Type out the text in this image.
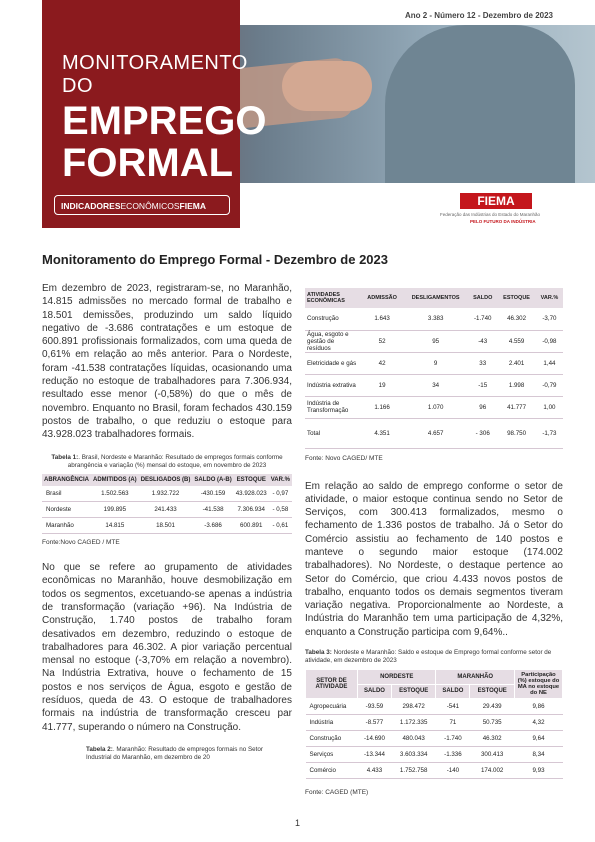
Ano 2 - Número 12 - Dezembro de 2023
MONITORAMENTO DO
EMPREGO
FORMAL
INDICADORESECONÔMICOSFIEMA	FIEMA
Federação das Indústrias do Estado do Maranhão
PELO FUTURO DA INDÚSTRIA
Monitoramento do Emprego Formal - Dezembro de 2023

Em dezembro de 2023, registraram-se, no Maranhão, 14.815 admissões no mercado formal de trabalho e 18.501 demissões, produzindo um saldo líquido negativo de -3.686 contratações e um estoque de 600.891 profissionais formalizados, com uma queda de 0,61% em relação ao mês anterior. Para o Nordeste, foram -41.538 contratações líquidas, ocasionando uma redução no estoque de trabalhadores para 7.306.934, resultado esse menor (-0,58%) do que o mês de novembro. Enquanto no Brasil, foram fechados 430.159 postos de trabalho, o que reduziu o estoque para 43.928.023 trabalhadores formais.

Tabela 1:. Brasil, Nordeste e Maranhão: Resultado de empregos formais conforme abrangência e variação (%) mensal do estoque, em novembro de 2023
ABRANGÊNCIA	ADMITIDOS (A)	DESLIGADOS (B)	SALDO (A-B)	ESTOQUE	VAR.%
Brasil	1.502.563	1.932.722	-430.159	43.928.023	- 0,97
Nordeste	199.895	241.433	-41.538	7.306.934	- 0,58
Maranhão	14.815	18.501	-3.686	600.891	- 0,61
Fonte:Novo CAGED / MTE

No que se refere ao grupamento de atividades econômicas no Maranhão, houve desmobilização em todos os segmentos, excetuando-se apenas a indústria de transformação (variação +96). Na Indústria de Construção, 1.740 postos de trabalho foram desativados em dezembro, reduzindo o estoque de trabalhadores para 46.302. A pior variação percentual mensal no estoque (-3,70% em relação a novembro). Na Indústria Extrativa, houve o fechamento de 15 postos e nos serviços de Água, esgoto e gestão de resíduos, queda de 43. O estoque de trabalhadores formais na indústria de transformação cresceu par 41.777, superando o número na Construção.

Tabela 2:. Maranhão: Resultado de empregos formais no Setor Industrial do Maranhão, em dezembro de 20
ATIVIDADES ECONÔMICAS	ADMISSÃO	DESLIGAMENTOS	SALDO	ESTOQUE	VAR.%
Construção	1.643	3.383	-1.740	46.302	-3,70
Água, esgoto e gestão de resíduos	52	95	-43	4.559	-0,98
Eletricidade e gás	42	9	33	2.401	1,44
Indústria extrativa	19	34	-15	1.998	-0,79
Indústria de Transformação	1.166	1.070	96	41.777	1,00
Total	4.351	4.657	- 306	98.750	-1,73
Fonte: Novo CAGED/ MTE

Em relação ao saldo de emprego conforme o setor de atividade, o maior estoque continua sendo no Setor de Serviços, com 300.413 formalizados, mesmo o fechamento de 1.336 postos de trabalho. Já o Setor do Comércio assistiu ao fechamento de 140 postos e manteve o segundo maior estoque (174.002 trabalhadores). No Nordeste, o destaque pertence ao Setor do Comércio, que criou 4.433 novos postos de trabalho, enquanto todos os demais segmentos tiveram variação negativa. Proporcionalmente ao Nordeste, a Indústria do Maranhão tem uma participação de 4,32%, enquanto a Construção participa com 9,64%..

Tabela 3: Nordeste e Maranhão: Saldo e estoque de Emprego formal conforme setor de atividade, em dezembro de 2023
SETOR DE ATIVIDADE	NORDESTE		MARANHÃO		Participação (%) estoque do MA no estoque do NE
	SALDO	ESTOQUE	SALDO	ESTOQUE	
Agropecuária	-93.59	298.472	-541	29.439	9,86
Indústria	-8.577	1.172.335	71	50.735	4,32
Construção	-14.690	480.043	-1.740	46.302	9,64
Serviços	-13.344	3.603.334	-1.336	300.413	8,34
Comércio	4.433	1.752.758	-140	174.002	9,93
Fonte: CAGED (MTE)
1
